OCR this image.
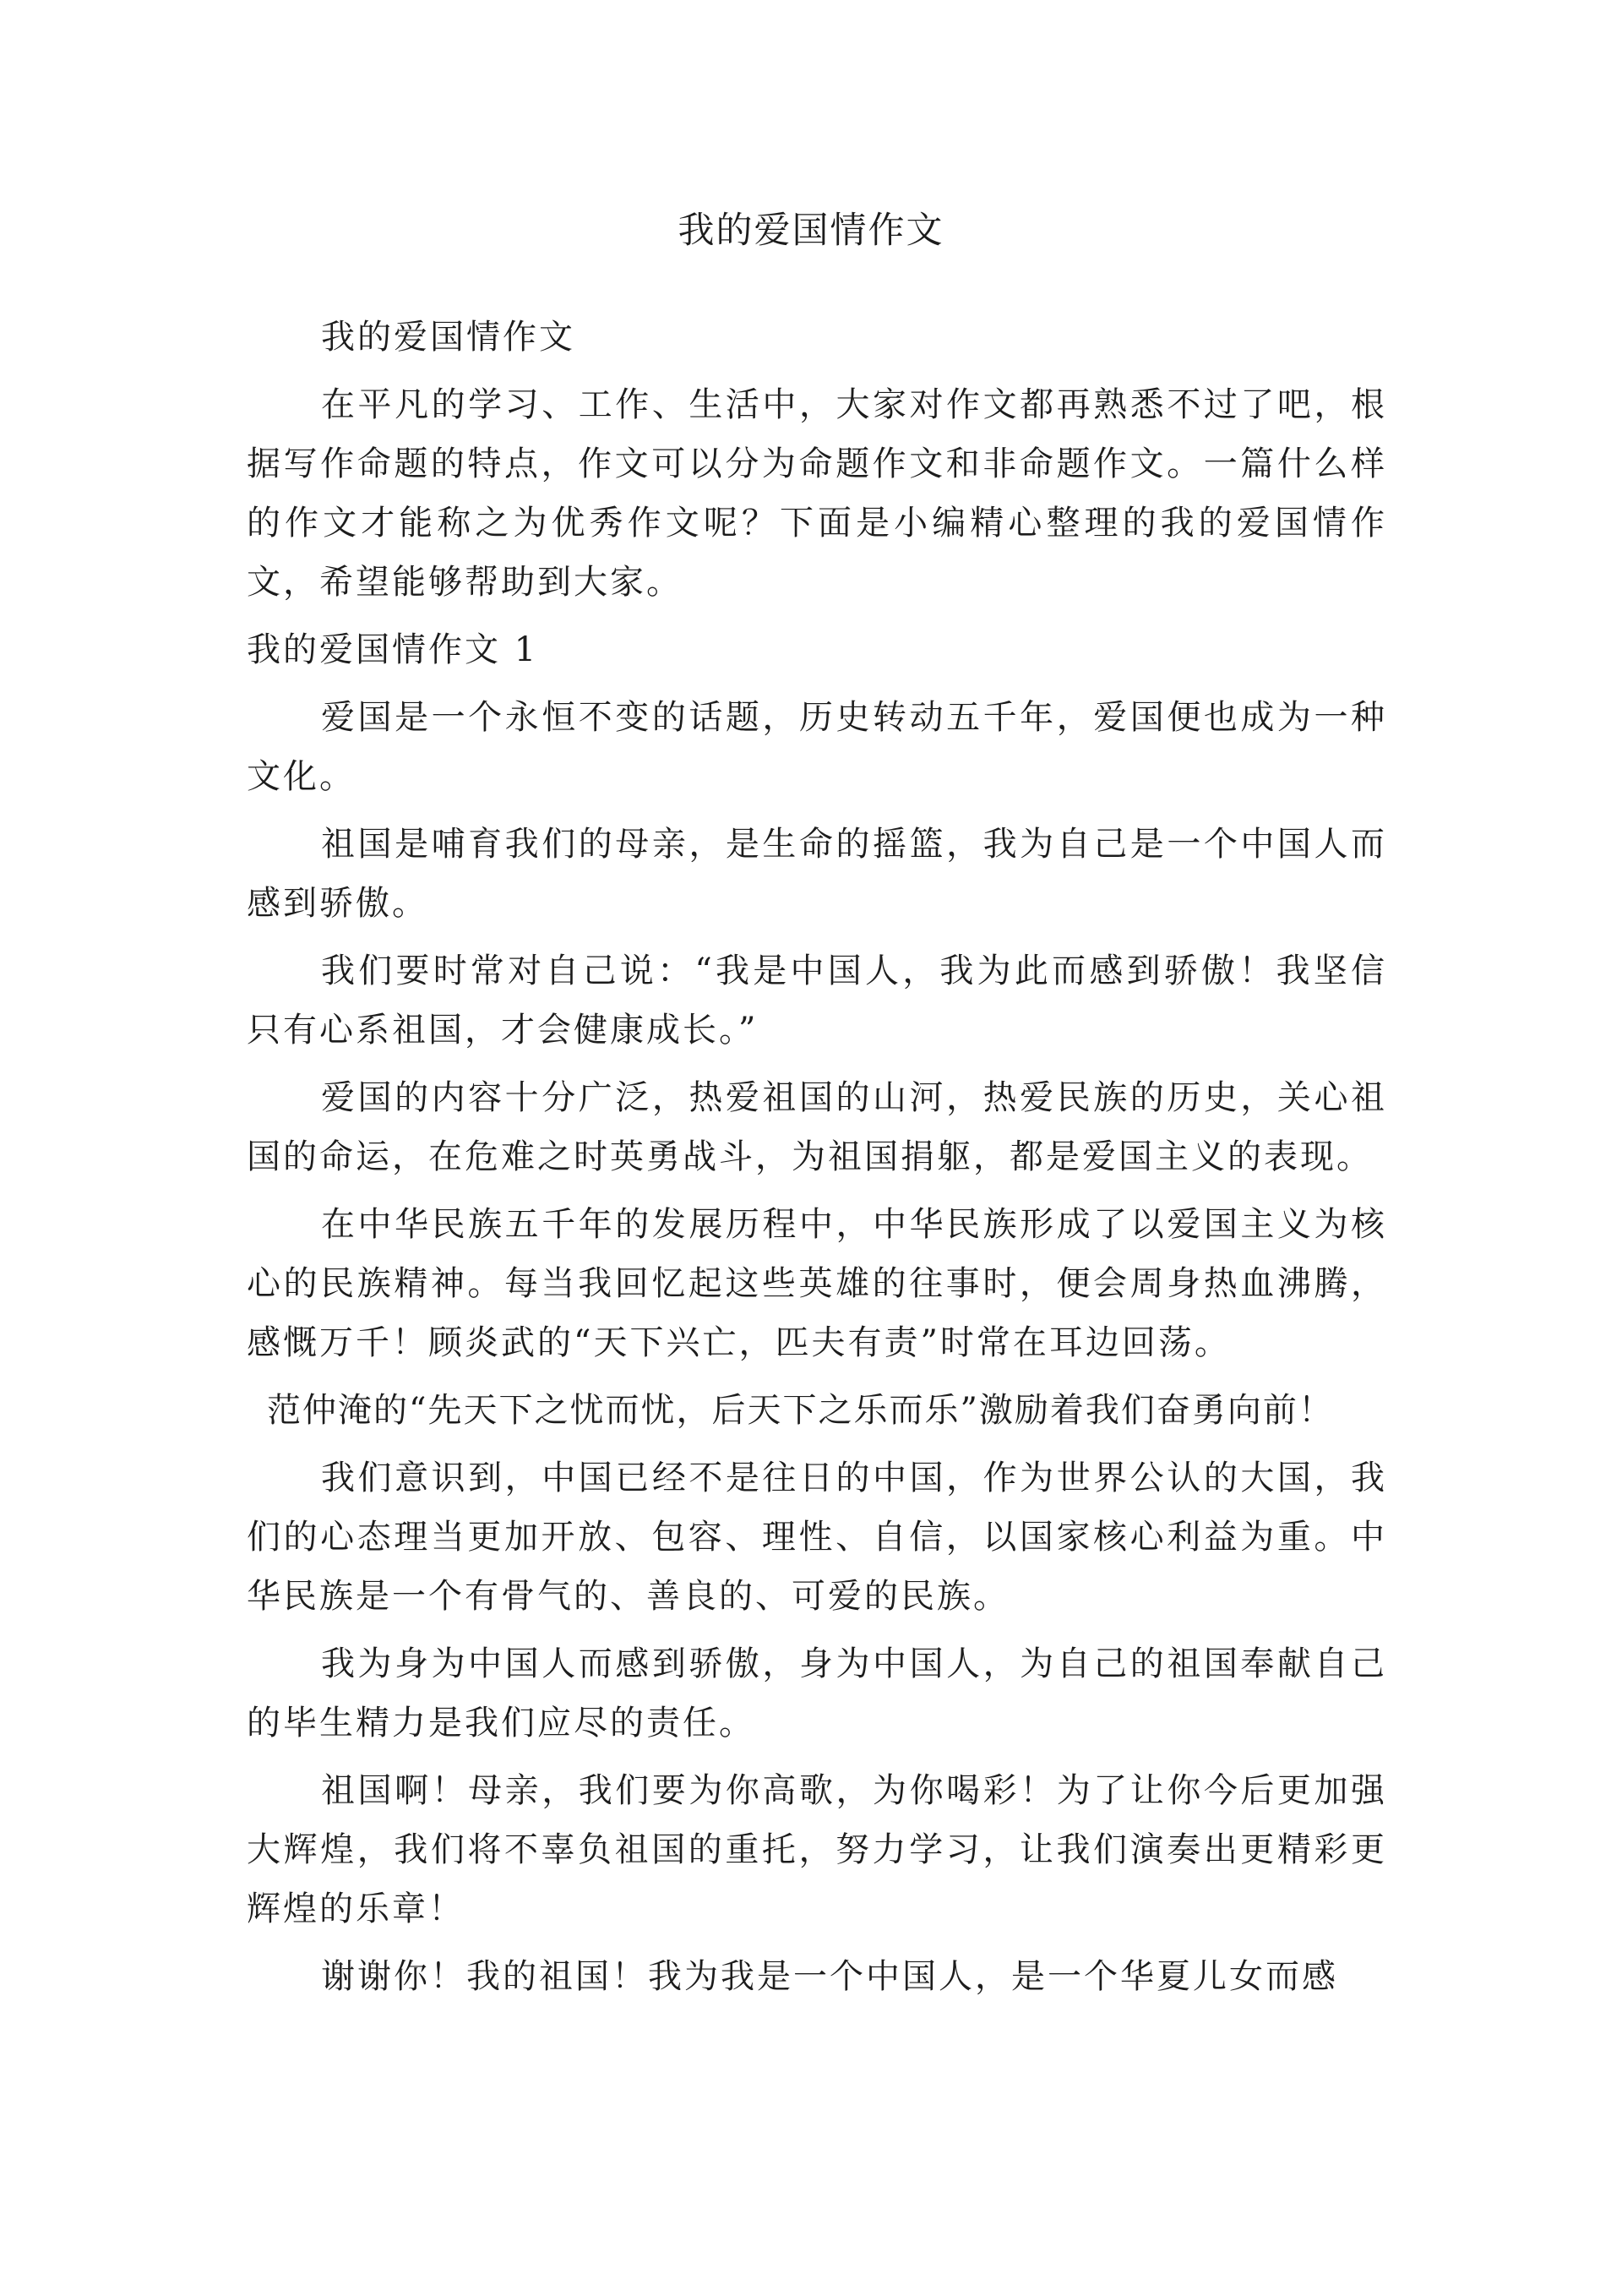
我的爱国情作文

我的爱国情作文

在平凡的学习、工作、生活中，大家对作文都再熟悉不过了吧，根据写作命题的特点，作文可以分为命题作文和非命题作文。一篇什么样的作文才能称之为优秀作文呢？下面是小编精心整理的我的爱国情作文，希望能够帮助到大家。

我的爱国情作文 1

爱国是一个永恒不变的话题，历史转动五千年，爱国便也成为一种文化。

祖国是哺育我们的母亲，是生命的摇篮，我为自己是一个中国人而感到骄傲。

我们要时常对自己说：“我是中国人，我为此而感到骄傲！我坚信只有心系祖国，才会健康成长。”

爱国的内容十分广泛，热爱祖国的山河，热爱民族的历史，关心祖国的命运，在危难之时英勇战斗，为祖国捐躯，都是爱国主义的表现。

在中华民族五千年的发展历程中，中华民族形成了以爱国主义为核心的民族精神。每当我回忆起这些英雄的往事时，便会周身热血沸腾，感慨万千！顾炎武的“天下兴亡，匹夫有责”时常在耳边回荡。

范仲淹的“先天下之忧而忧，后天下之乐而乐”激励着我们奋勇向前！

我们意识到，中国已经不是往日的中国，作为世界公认的大国，我们的心态理当更加开放、包容、理性、自信，以国家核心利益为重。中华民族是一个有骨气的、善良的、可爱的民族。

我为身为中国人而感到骄傲，身为中国人，为自己的祖国奉献自己的毕生精力是我们应尽的责任。

祖国啊！母亲，我们要为你高歌，为你喝彩！为了让你今后更加强大辉煌，我们将不辜负祖国的重托，努力学习，让我们演奏出更精彩更辉煌的乐章！

谢谢你！我的祖国！我为我是一个中国人，是一个华夏儿女而感
